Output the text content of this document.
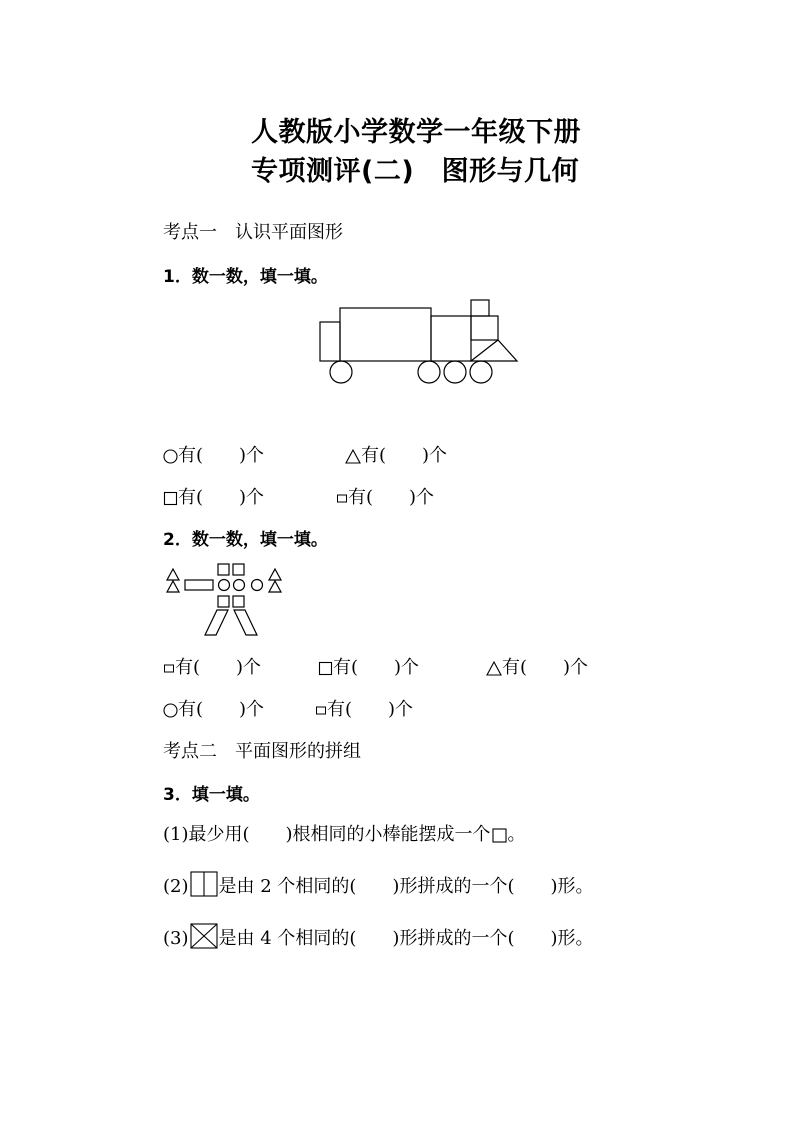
人教版小学数学一年级下册
专项测评(二)　图形与几何
考点一　认识平面图形
1．数一数，填一填。
有(　　)个	有(　　)个
有(　　)个	有(　　)个
2．数一数，填一填。
有(　　)个	有(　　)个	有(　　)个
有(　　)个	有(　　)个
考点二　平面图形的拼组
3．填一填。
(1)最少用(　　)根相同的小棒能摆成一个 。
(2) 是由 2 个相同的(　　)形拼成的一个(　　)形。
(3) 是由 4 个相同的(　　)形拼成的一个(　　)形。
